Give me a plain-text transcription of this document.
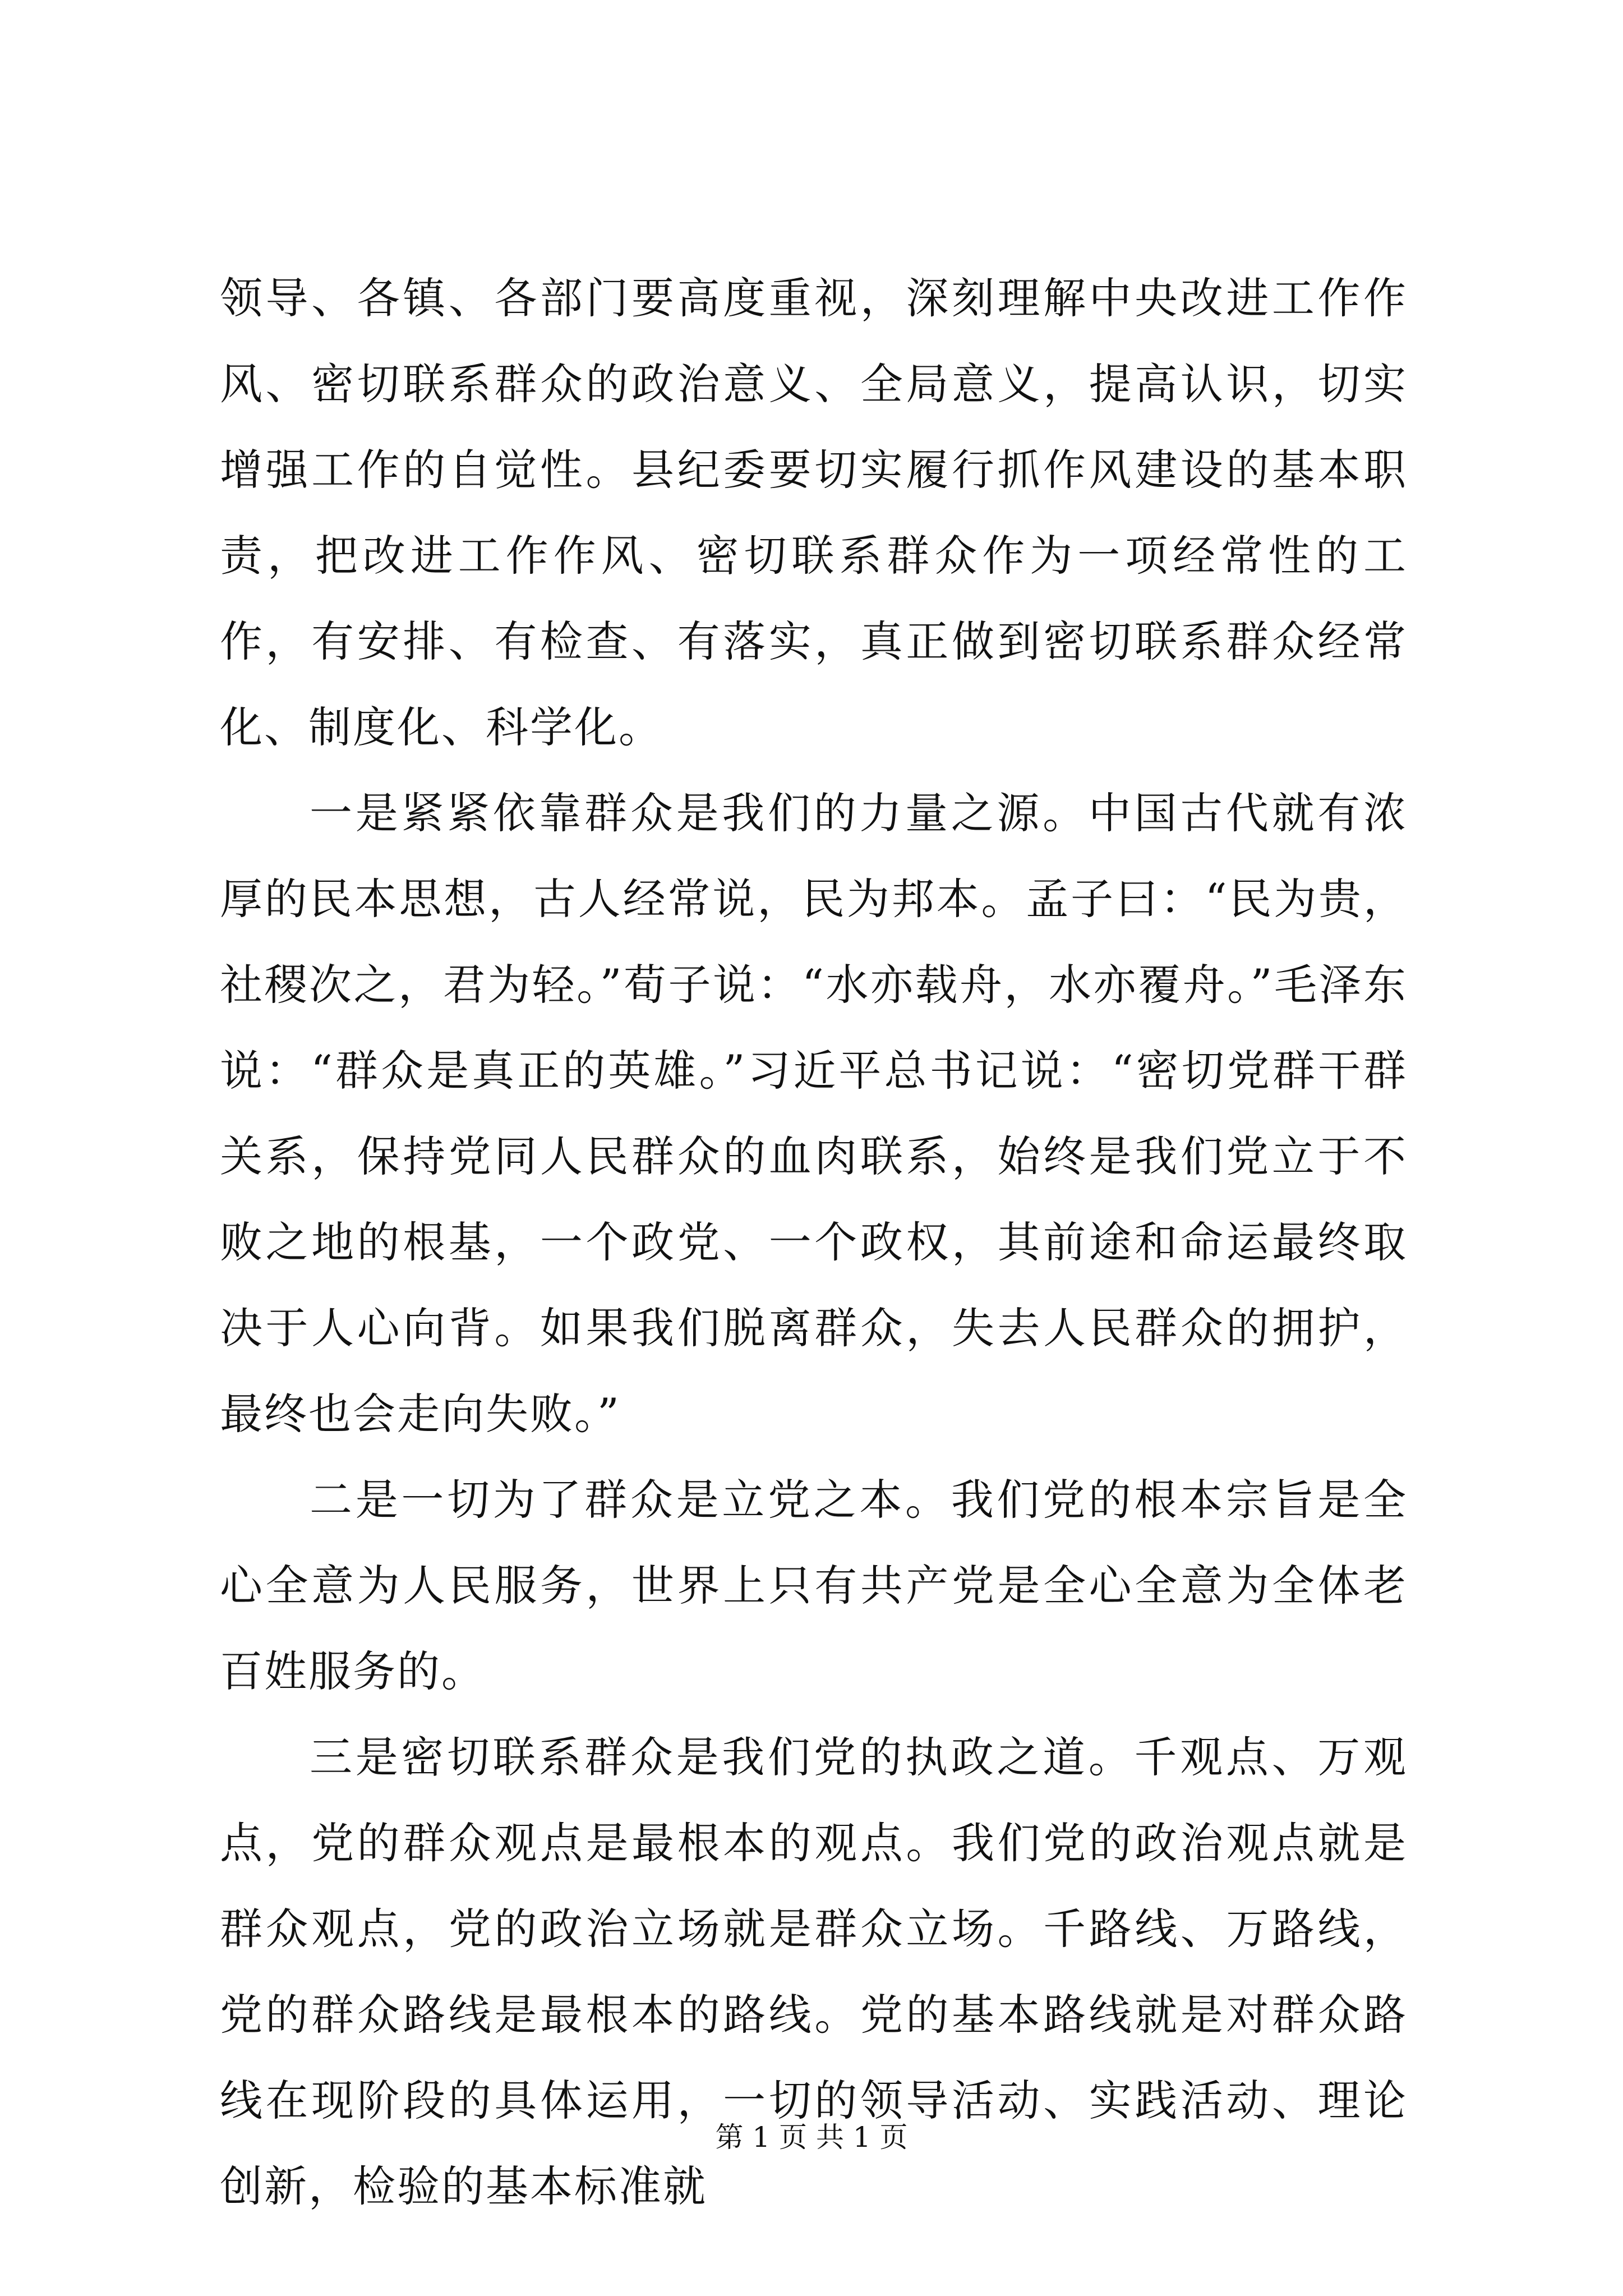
领导、各镇、各部门要高度重视，深刻理解中央改进工作作风、密切联系群众的政治意义、全局意义，提高认识，切实增强工作的自觉性。县纪委要切实履行抓作风建设的基本职责，把改进工作作风、密切联系群众作为一项经常性的工作，有安排、有检查、有落实，真正做到密切联系群众经常化、制度化、科学化。

一是紧紧依靠群众是我们的力量之源。中国古代就有浓厚的民本思想，古人经常说，民为邦本。孟子曰：“民为贵，社稷次之，君为轻。”荀子说：“水亦载舟，水亦覆舟。”毛泽东说：“群众是真正的英雄。”习近平总书记说：“密切党群干群关系，保持党同人民群众的血肉联系，始终是我们党立于不败之地的根基，一个政党、一个政权，其前途和命运最终取决于人心向背。如果我们脱离群众，失去人民群众的拥护，最终也会走向失败。”

二是一切为了群众是立党之本。我们党的根本宗旨是全心全意为人民服务，世界上只有共产党是全心全意为全体老百姓服务的。

三是密切联系群众是我们党的执政之道。千观点、万观点，党的群众观点是最根本的观点。我们党的政治观点就是群众观点，党的政治立场就是群众立场。千路线、万路线，党的群众路线是最根本的路线。党的基本路线就是对群众路线在现阶段的具体运用，一切的领导活动、实践活动、理论创新，检验的基本标准就

第 1 页 共 1 页
